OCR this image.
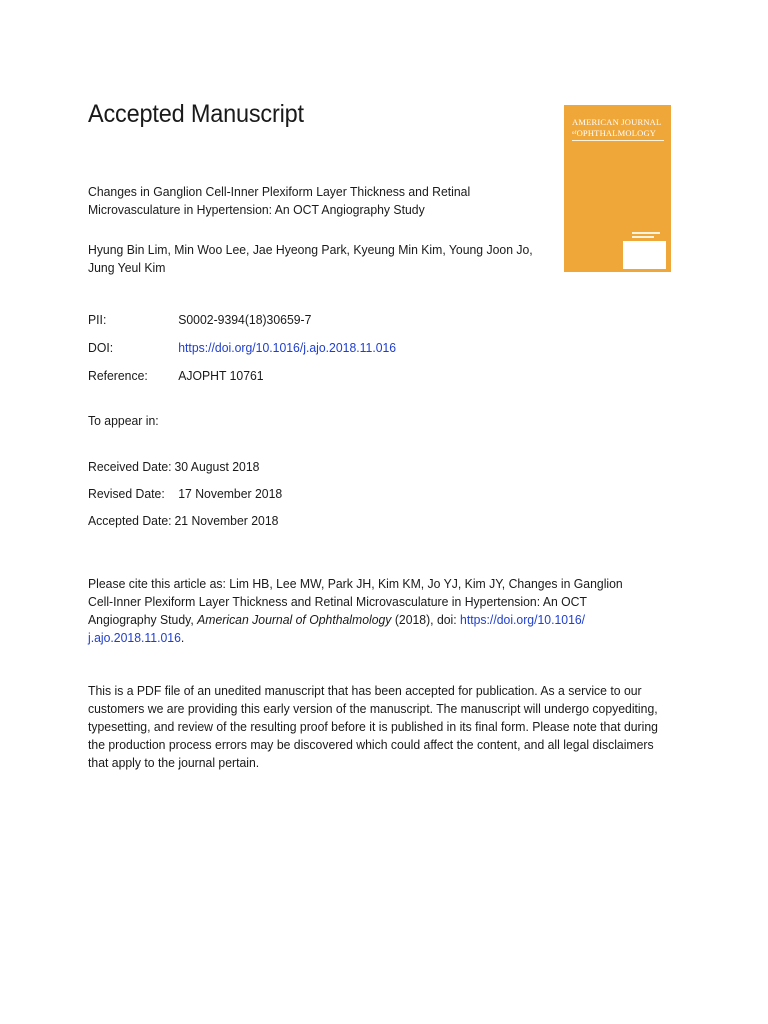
Accepted Manuscript	AMERICAN JOURNAL
$^{of}$OPHTHALMOLOGY

Changes in Ganglion Cell-Inner Plexiform Layer Thickness and Retinal Microvasculature in Hypertension: An OCT Angiography Study

Hyung Bin Lim, Min Woo Lee, Jae Hyeong Park, Kyeung Min Kim, Young Joon Jo, Jung Yeul Kim

PII:	S0002-9394(18)30659-7
DOI:	https://doi.org/10.1016/j.ajo.2018.11.016
Reference: AJOPHT 10761
To appear in:
Received Date: 30 August 2018
Revised Date: 17 November 2018
Accepted Date: 21 November 2018

Please cite this article as: Lim HB, Lee MW, Park JH, Kim KM, Jo YJ, Kim JY, Changes in Ganglion Cell-Inner Plexiform Layer Thickness and Retinal Microvasculature in Hypertension: An OCT Angiography Study, American Journal of Ophthalmology (2018), doi: https://doi.org/10.1016/ j.ajo.2018.11.016.

This is a PDF file of an unedited manuscript that has been accepted for publication. As a service to our customers we are providing this early version of the manuscript. The manuscript will undergo copyediting, typesetting, and review of the resulting proof before it is published in its final form. Please note that during the production process errors may be discovered which could affect the content, and all legal disclaimers that apply to the journal pertain.
